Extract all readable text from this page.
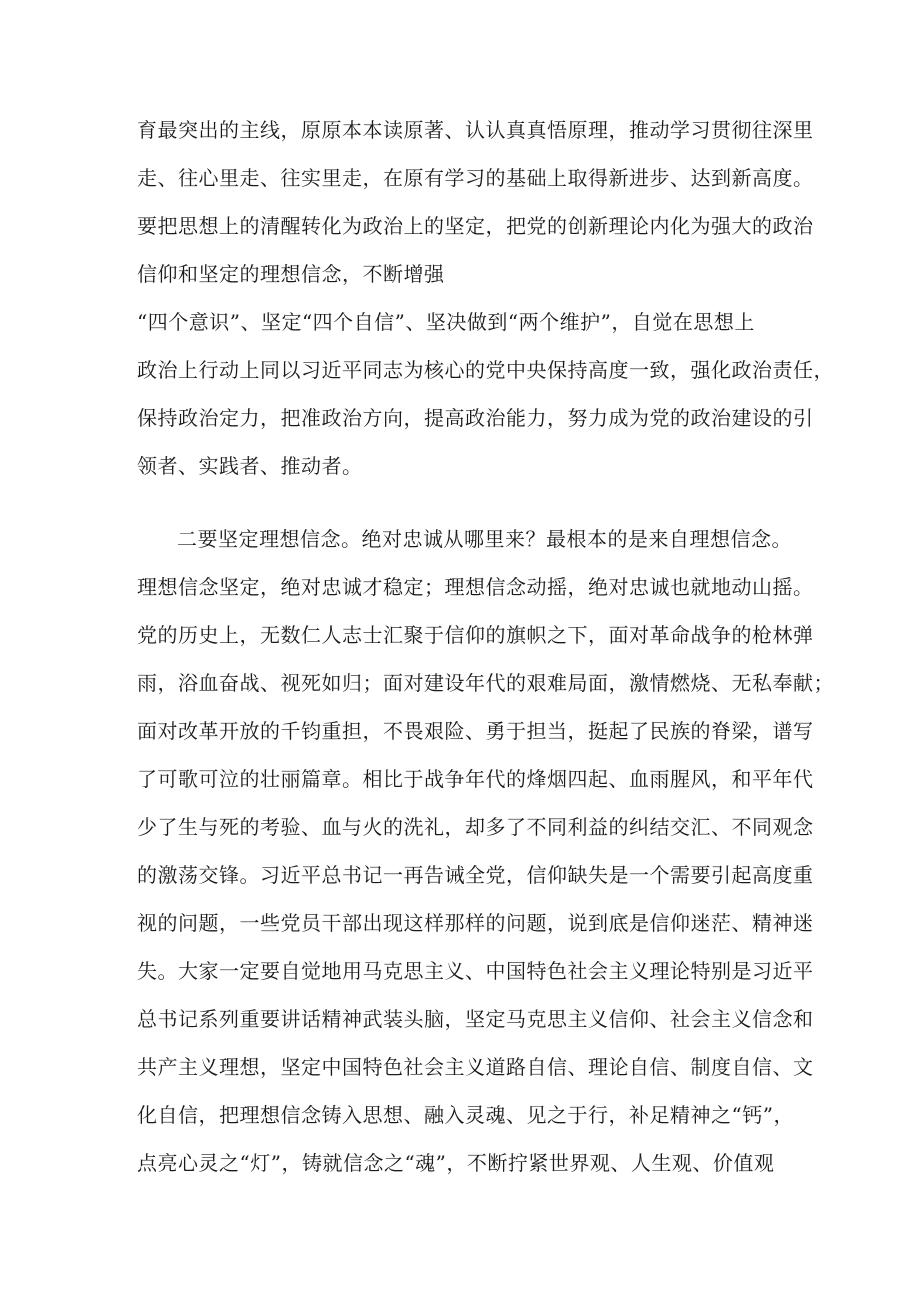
育最突出的主线，原原本本读原著、认认真真悟原理，推动学习贯彻往深里
走、往心里走、往实里走，在原有学习的基础上取得新进步、达到新高度。
要把思想上的清醒转化为政治上的坚定，把党的创新理论内化为强大的政治
信仰和坚定的理想信念，不断增强
“四个意识”、坚定“四个自信”、坚决做到“两个维护”，自觉在思想上
政治上行动上同以习近平同志为核心的党中央保持高度一致，强化政治责任，
保持政治定力，把准政治方向，提高政治能力，努力成为党的政治建设的引
领者、实践者、推动者。
二要坚定理想信念。绝对忠诚从哪里来？最根本的是来自理想信念。
理想信念坚定，绝对忠诚才稳定；理想信念动摇，绝对忠诚也就地动山摇。
党的历史上，无数仁人志士汇聚于信仰的旗帜之下，面对革命战争的枪林弹
雨，浴血奋战、视死如归；面对建设年代的艰难局面，激情燃烧、无私奉献；
面对改革开放的千钧重担，不畏艰险、勇于担当，挺起了民族的脊梁，谱写
了可歌可泣的壮丽篇章。相比于战争年代的烽烟四起、血雨腥风，和平年代
少了生与死的考验、血与火的洗礼，却多了不同利益的纠结交汇、不同观念
的激荡交锋。习近平总书记一再告诫全党，信仰缺失是一个需要引起高度重
视的问题，一些党员干部出现这样那样的问题，说到底是信仰迷茫、精神迷
失。大家一定要自觉地用马克思主义、中国特色社会主义理论特别是习近平
总书记系列重要讲话精神武装头脑，坚定马克思主义信仰、社会主义信念和
共产主义理想，坚定中国特色社会主义道路自信、理论自信、制度自信、文
化自信，把理想信念铸入思想、融入灵魂、见之于行，补足精神之“钙”，
点亮心灵之“灯”，铸就信念之“魂”，不断拧紧世界观、人生观、价值观
